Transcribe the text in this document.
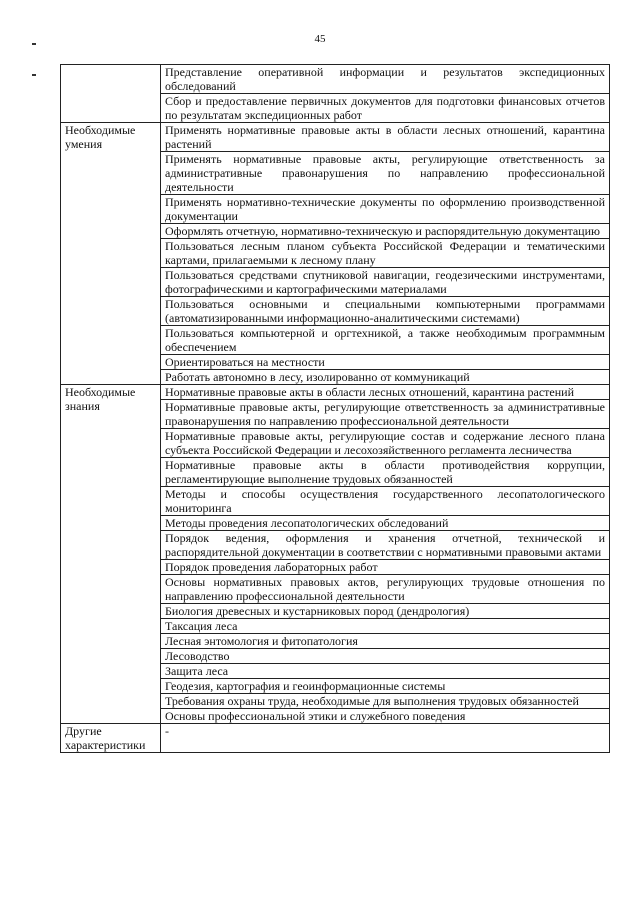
45
	Представление оперативной информации и результатов экспедиционных обследований
	Сбор и предоставление первичных документов для подготовки финансовых отчетов по результатам экспедиционных работ

Необходимые умения	Применять нормативные правовые акты в области лесных отношений, карантина растений
	Применять нормативные правовые акты, регулирующие ответственность за административные правонарушения по направлению профессиональной деятельности
	Применять нормативно-технические документы по оформлению производственной документации
	Оформлять отчетную, нормативно-техническую и распорядительную документацию
	Пользоваться лесным планом субъекта Российской Федерации и тематическими картами, прилагаемыми к лесному плану
	Пользоваться средствами спутниковой навигации, геодезическими инструментами, фотографическими и картографическими материалами
	Пользоваться основными и специальными компьютерными программами (автоматизированными информационно-аналитическими системами)
	Пользоваться компьютерной и оргтехникой, а также необходимым программным обеспечением
	Ориентироваться на местности
	Работать автономно в лесу, изолированно от коммуникаций

Необходимые знания	Нормативные правовые акты в области лесных отношений, карантина растений
	Нормативные правовые акты, регулирующие ответственность за административные правонарушения по направлению профессиональной деятельности
	Нормативные правовые акты, регулирующие состав и содержание лесного плана субъекта Российской Федерации и лесохозяйственного регламента лесничества
	Нормативные правовые акты в области противодействия коррупции, регламентирующие выполнение трудовых обязанностей
	Методы и способы осуществления государственного лесопатологического мониторинга
	Методы проведения лесопатологических обследований
	Порядок ведения, оформления и хранения отчетной, технической и распорядительной документации в соответствии с нормативными правовыми актами
	Порядок проведения лабораторных работ
	Основы нормативных правовых актов, регулирующих трудовые отношения по направлению профессиональной деятельности
	Биология древесных и кустарниковых пород (дендрология)
	Таксация леса
	Лесная энтомология и фитопатология
	Лесоводство
	Защита леса
	Геодезия, картография и геоинформационные системы
	Требования охраны труда, необходимые для выполнения трудовых обязанностей
	Основы профессиональной этики и служебного поведения

Другие характеристики	-
